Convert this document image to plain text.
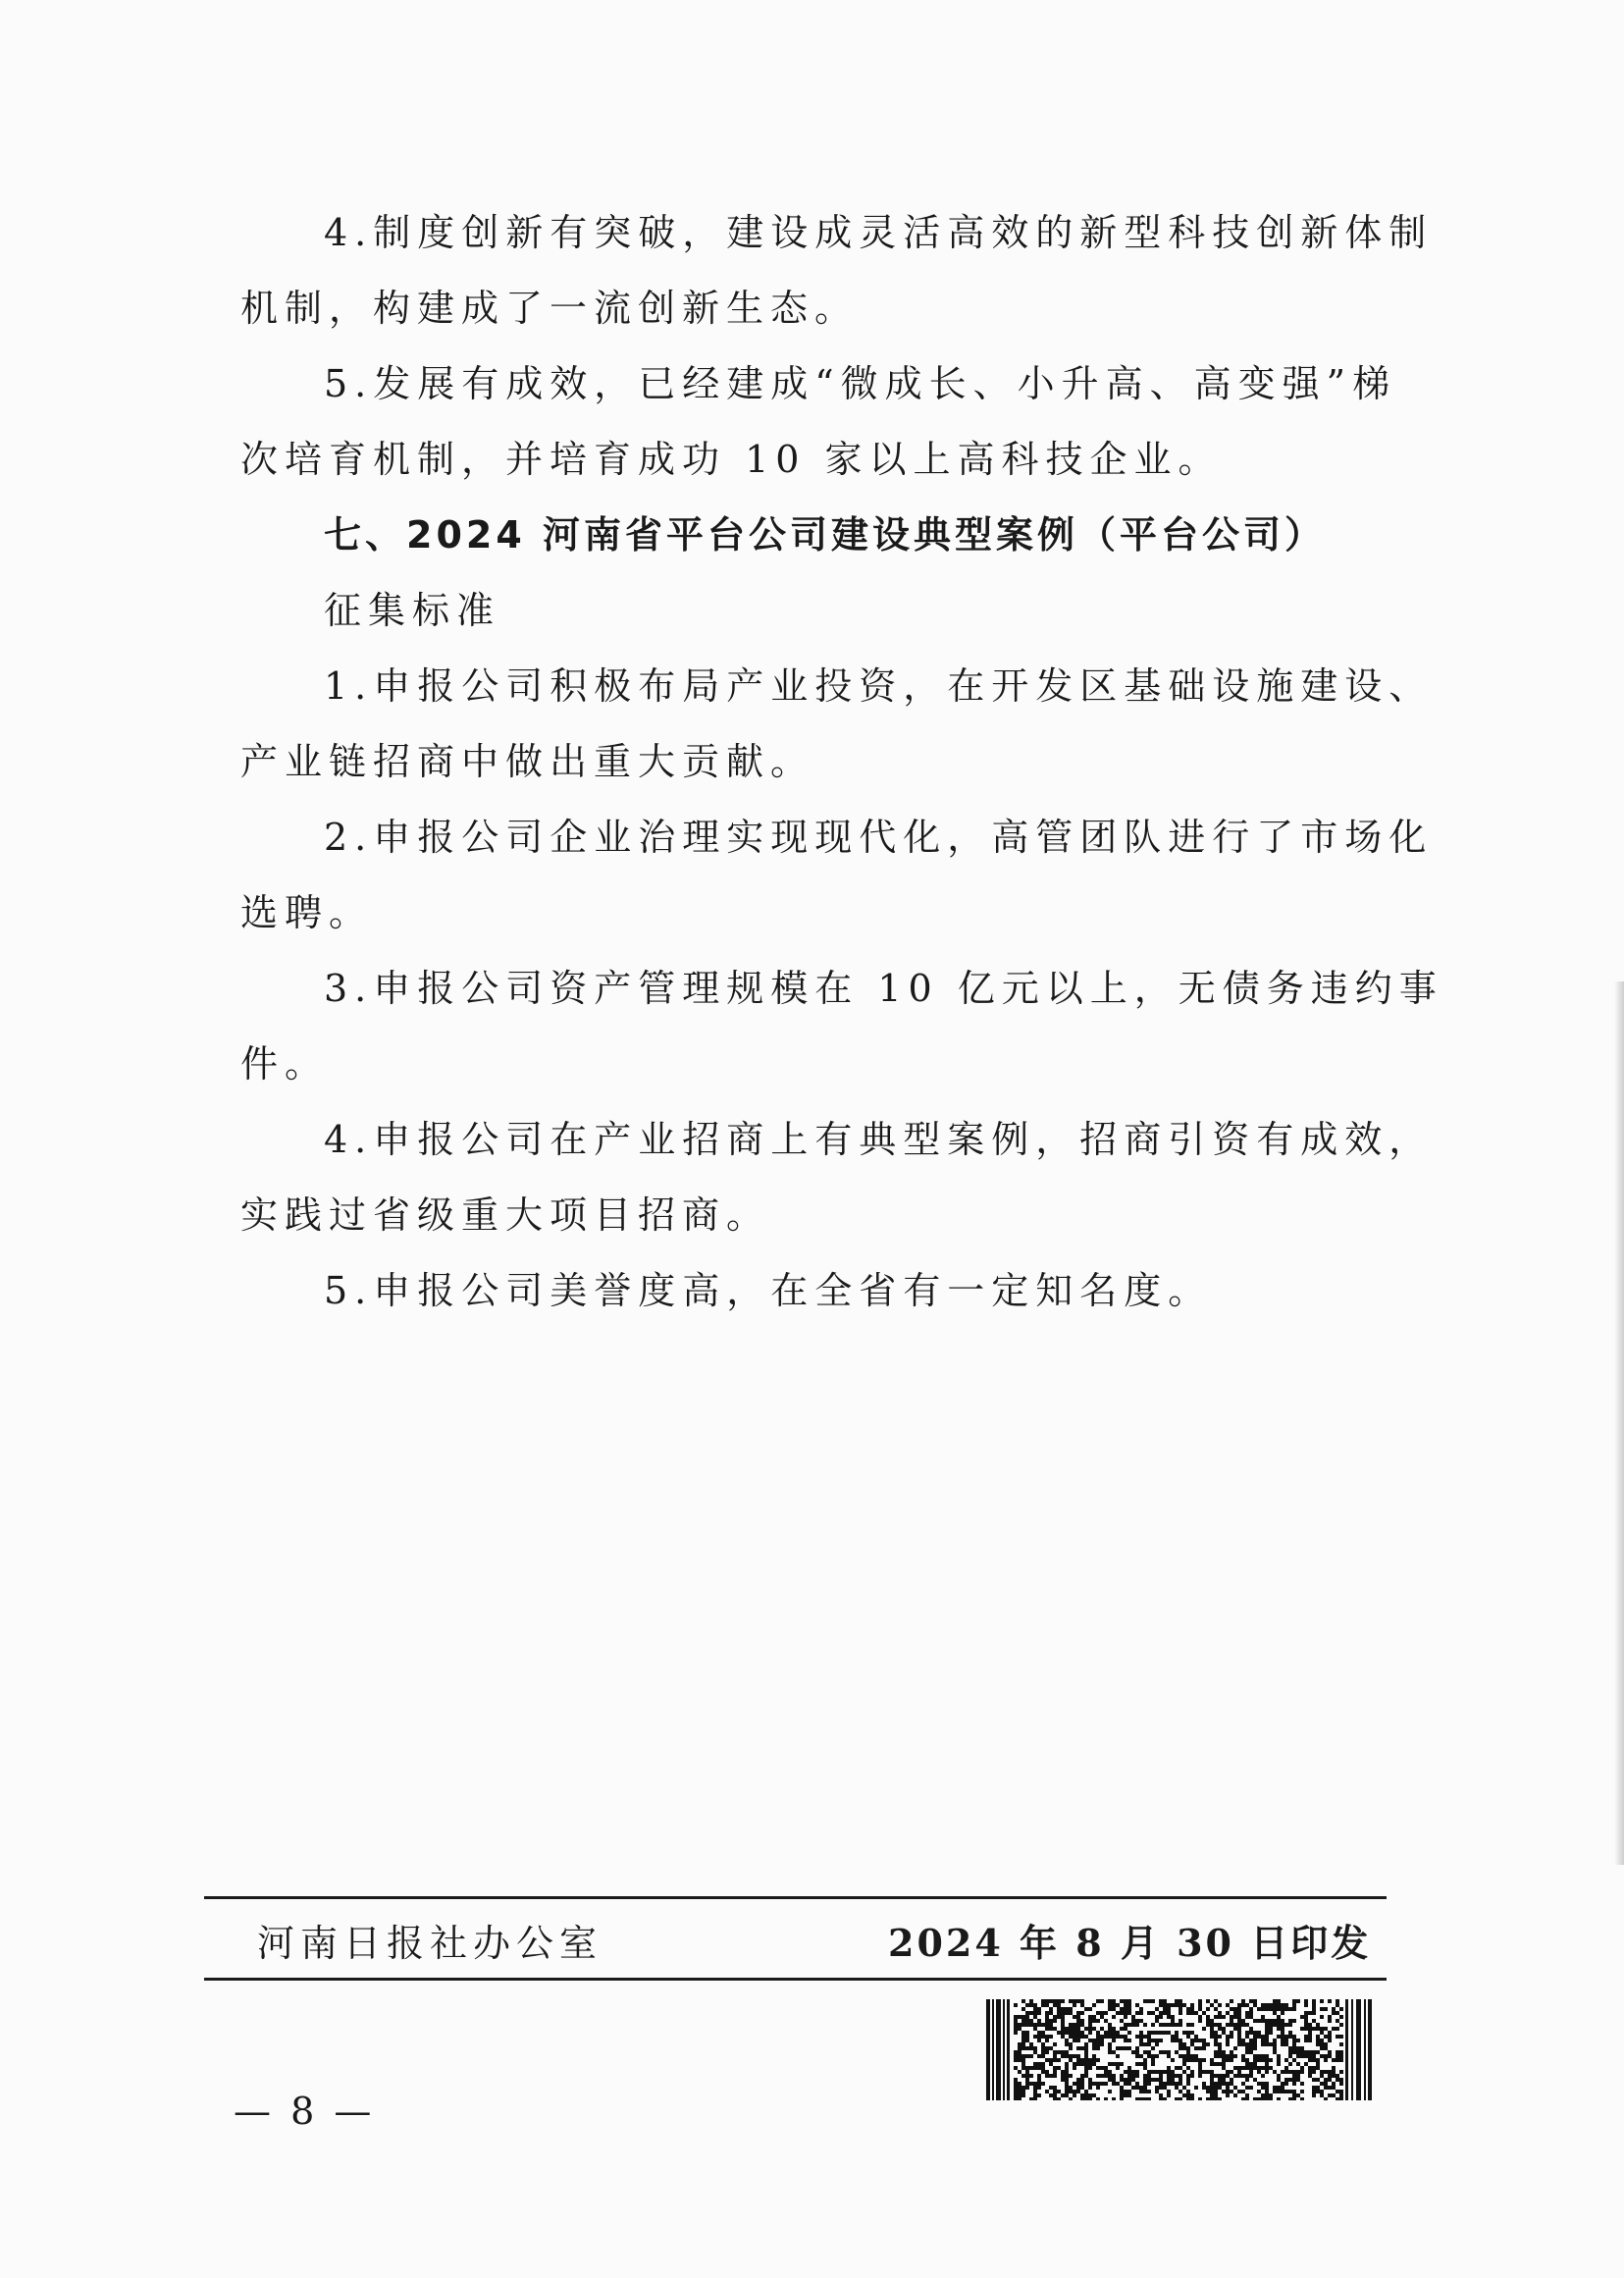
4.制度创新有突破，建设成灵活高效的新型科技创新体制
机制，构建成了一流创新生态。
5.发展有成效，已经建成“微成长、小升高、高变强”梯
次培育机制，并培育成功 10 家以上高科技企业。
七、2024 河南省平台公司建设典型案例（平台公司）
征集标准
1.申报公司积极布局产业投资，在开发区基础设施建设、
产业链招商中做出重大贡献。
2.申报公司企业治理实现现代化，高管团队进行了市场化
选聘。
3.申报公司资产管理规模在 10 亿元以上，无债务违约事
件。
4.申报公司在产业招商上有典型案例，招商引资有成效，
实践过省级重大项目招商。
5.申报公司美誉度高，在全省有一定知名度。
河南日报社办公室	2024 年 8 月 30 日印发
— 8 —
